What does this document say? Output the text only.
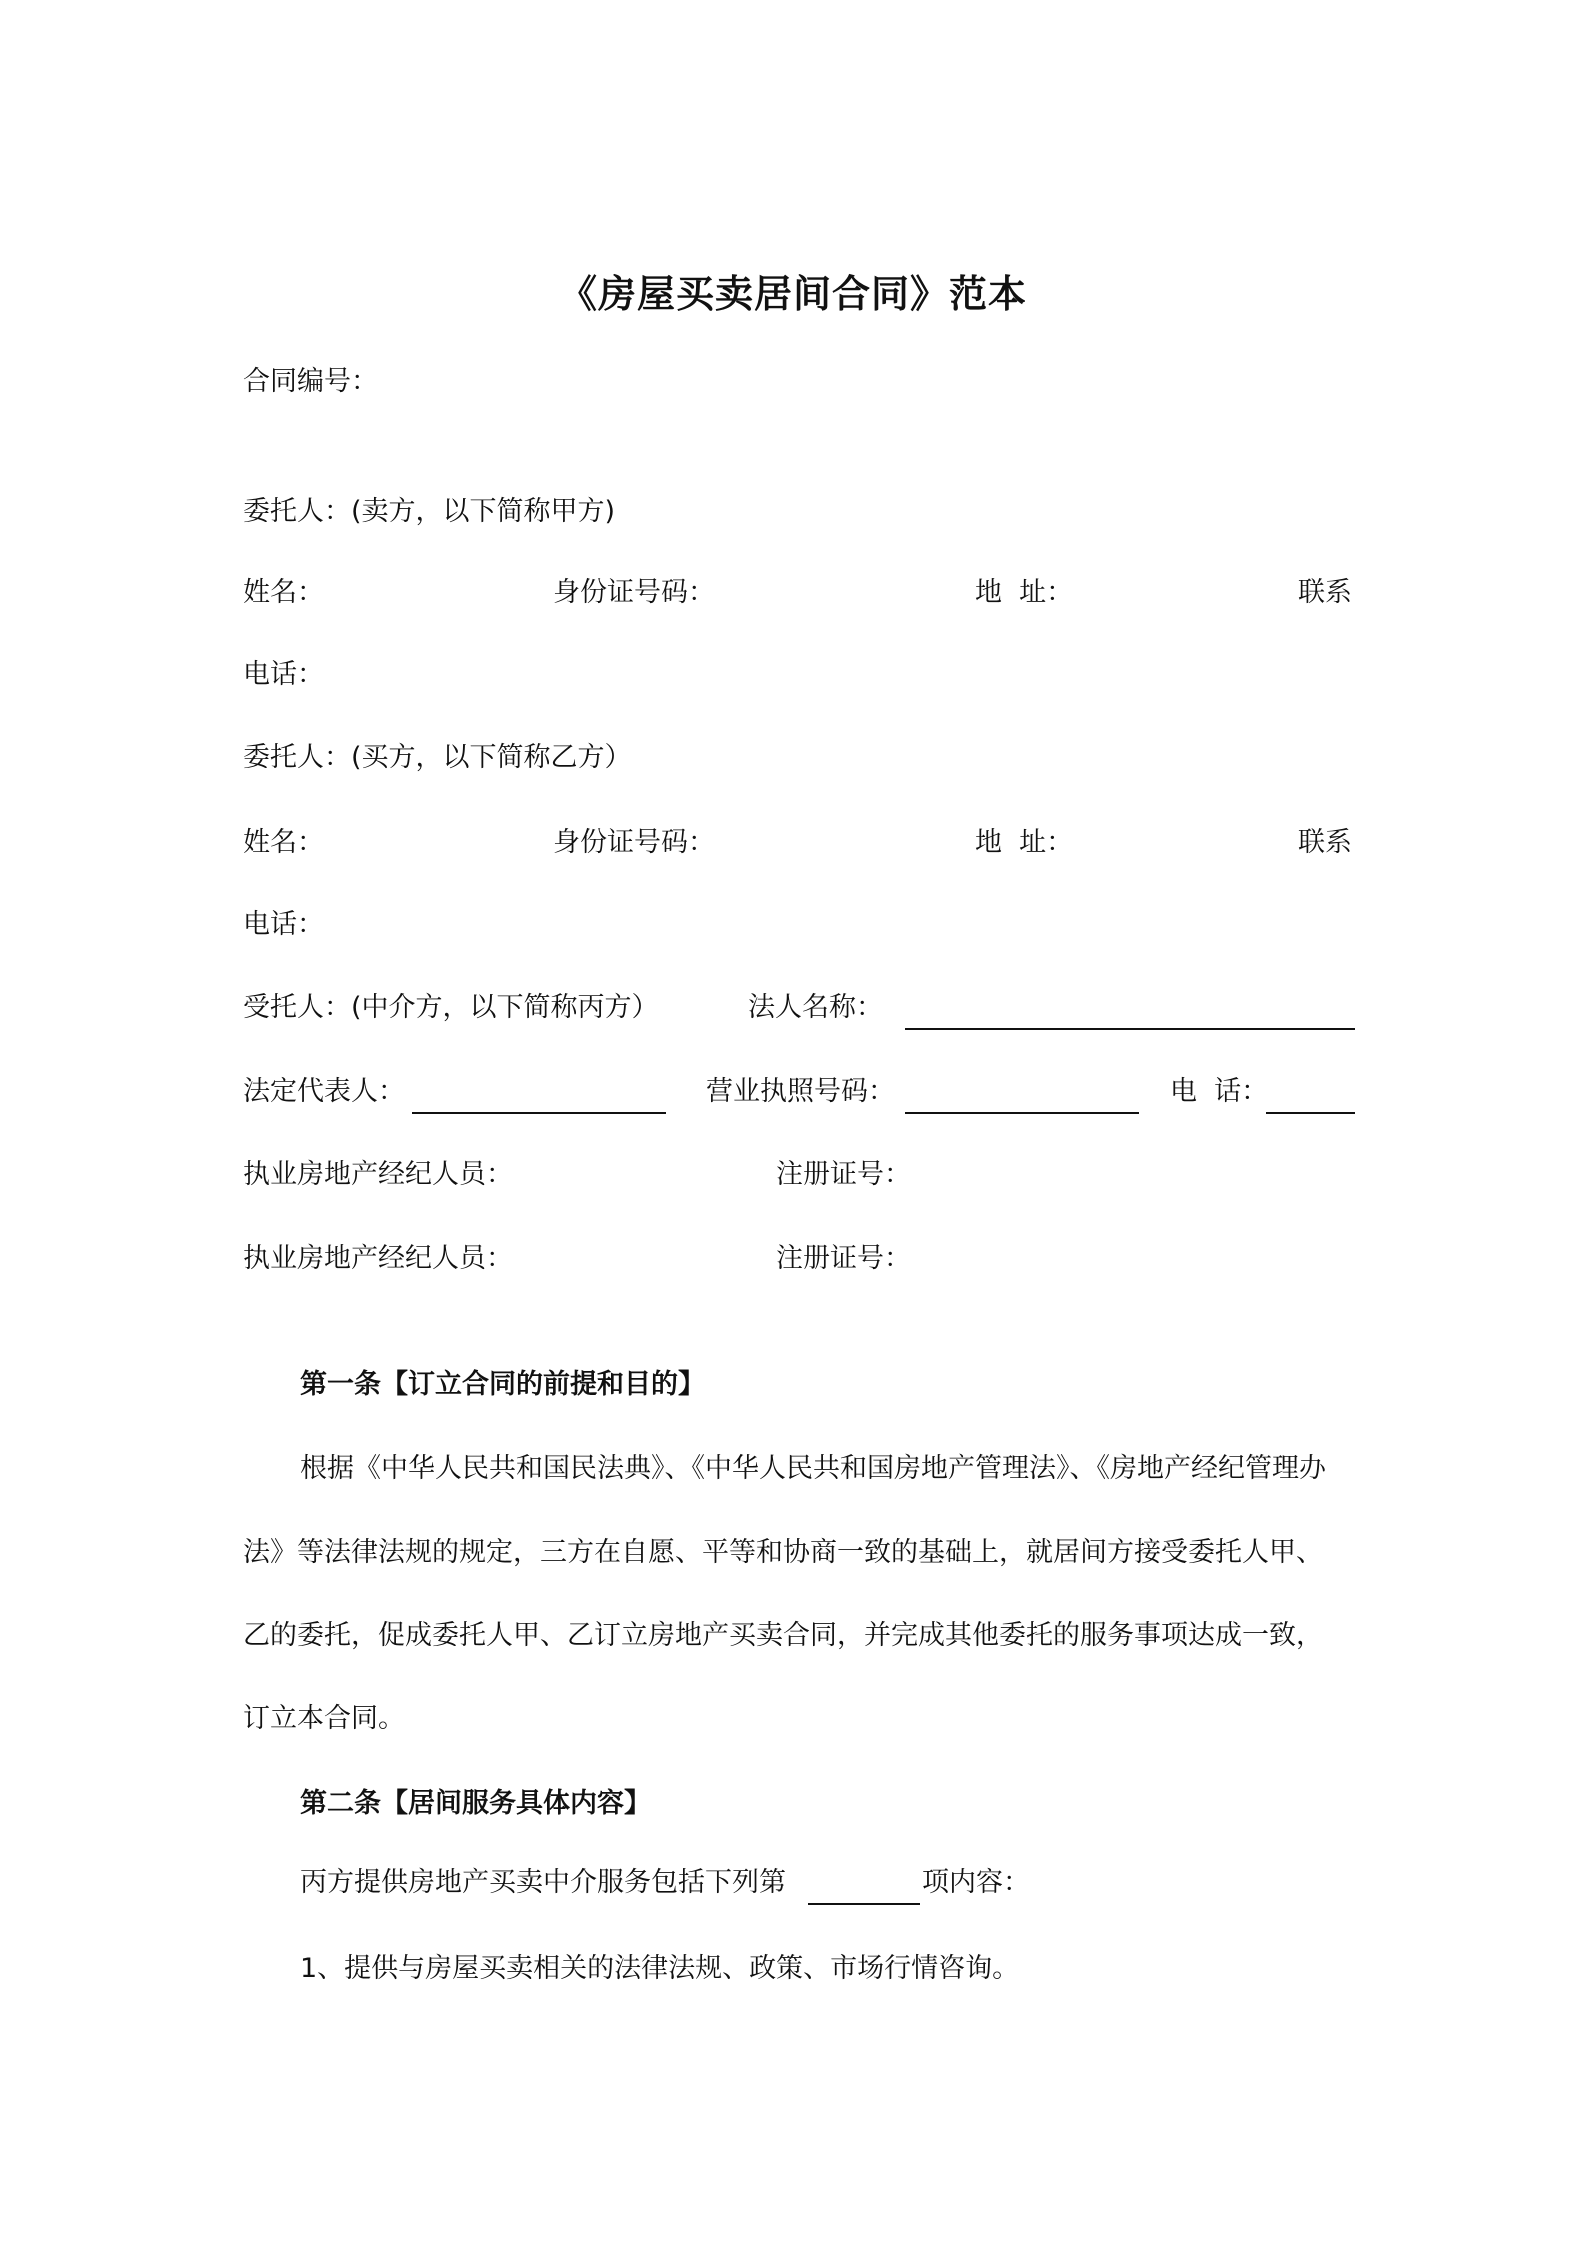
《房屋买卖居间合同》范本
合同编号：
委托人：(卖方，以下简称甲方)
姓名：	身份证号码：	地  址：	联系
电话：
委托人：(买方，以下简称乙方）
姓名：	身份证号码：	地  址：	联系
电话：
受托人：(中介方，以下简称丙方）	法人名称：
法定代表人：	营业执照号码：	电  话：
执业房地产经纪人员：	注册证号：
执业房地产经纪人员：	注册证号：
第一条【订立合同的前提和目的】
根据《中华人民共和国民法典》、《中华人民共和国房地产管理法》、《房地产经纪管理办
法》等法律法规的规定，三方在自愿、平等和协商一致的基础上，就居间方接受委托人甲、
乙的委托，促成委托人甲、乙订立房地产买卖合同，并完成其他委托的服务事项达成一致，
订立本合同。
第二条【居间服务具体内容】
丙方提供房地产买卖中介服务包括下列第	项内容：
1、提供与房屋买卖相关的法律法规、政策、市场行情咨询。
